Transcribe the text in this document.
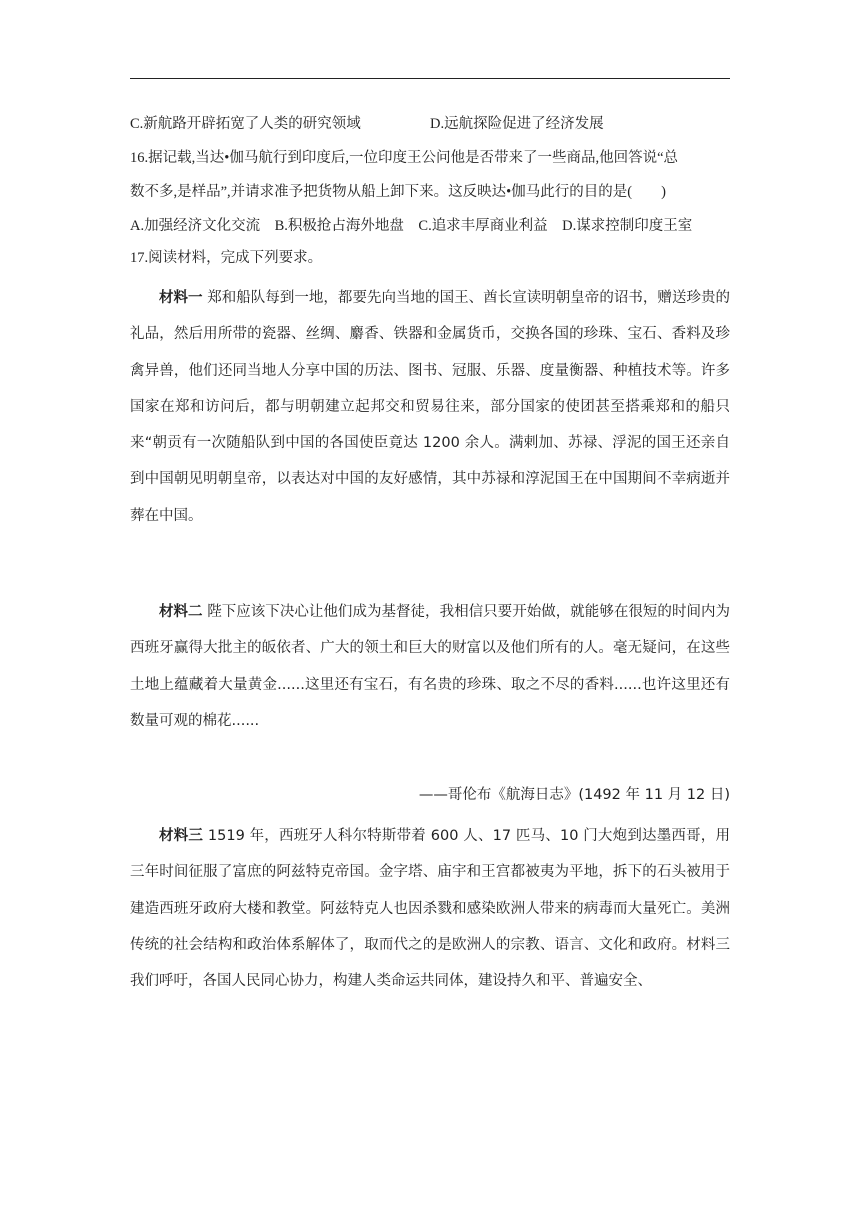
C.新航路开辟拓宽了人类的研究领域	D.远航探险促进了经济发展
16.据记载,当达•伽马航行到印度后,一位印度王公问他是否带来了一些商品,他回答说“总
数不多,是样品”,并请求准予把货物从船上卸下来。这反映达•伽马此行的目的是(　　)
A.加强经济文化交流　B.积极抢占海外地盘　C.追求丰厚商业利益　D.谋求控制印度王室
17.阅读材料，完成下列要求。

材料一 郑和船队每到一地，都要先向当地的国王、酋长宣读明朝皇帝的诏书，赠送珍贵的礼品，然后用所带的瓷器、丝绸、麝香、铁器和金属货币，交换各国的珍珠、宝石、香料及珍禽异兽，他们还同当地人分享中国的历法、图书、冠服、乐器、度量衡器、种植技术等。许多国家在郑和访问后，都与明朝建立起邦交和贸易往来，部分国家的使团甚至搭乘郑和的船只来“朝贡有一次随船队到中国的各国使臣竟达 1200 余人。满剌加、苏禄、浮泥的国王还亲自到中国朝见明朝皇帝，以表达对中国的友好感情，其中苏禄和淳泥国王在中国期间不幸病逝并葬在中国。

材料二 陛下应该下决心让他们成为基督徒，我相信只要开始做，就能够在很短的时间内为西班牙赢得大批主的皈依者、广大的领土和巨大的财富以及他们所有的人。毫无疑问，在这些土地上蕴藏着大量黄金......这里还有宝石，有名贵的珍珠、取之不尽的香料......也许这里还有数量可观的棉花......

——哥伦布《航海日志》(1492 年 11 月 12 日)

材料三 1519 年，西班牙人科尔特斯带着 600 人、17 匹马、10 门大炮到达墨西哥，用三年时间征服了富庶的阿兹特克帝国。金字塔、庙宇和王宫都被夷为平地，拆下的石头被用于建造西班牙政府大楼和教堂。阿兹特克人也因杀戮和感染欧洲人带来的病毒而大量死亡。美洲传统的社会结构和政治体系解体了，取而代之的是欧洲人的宗教、语言、文化和政府。材料三我们呼吁，各国人民同心协力，构建人类命运共同体，建设持久和平、普遍安全、
